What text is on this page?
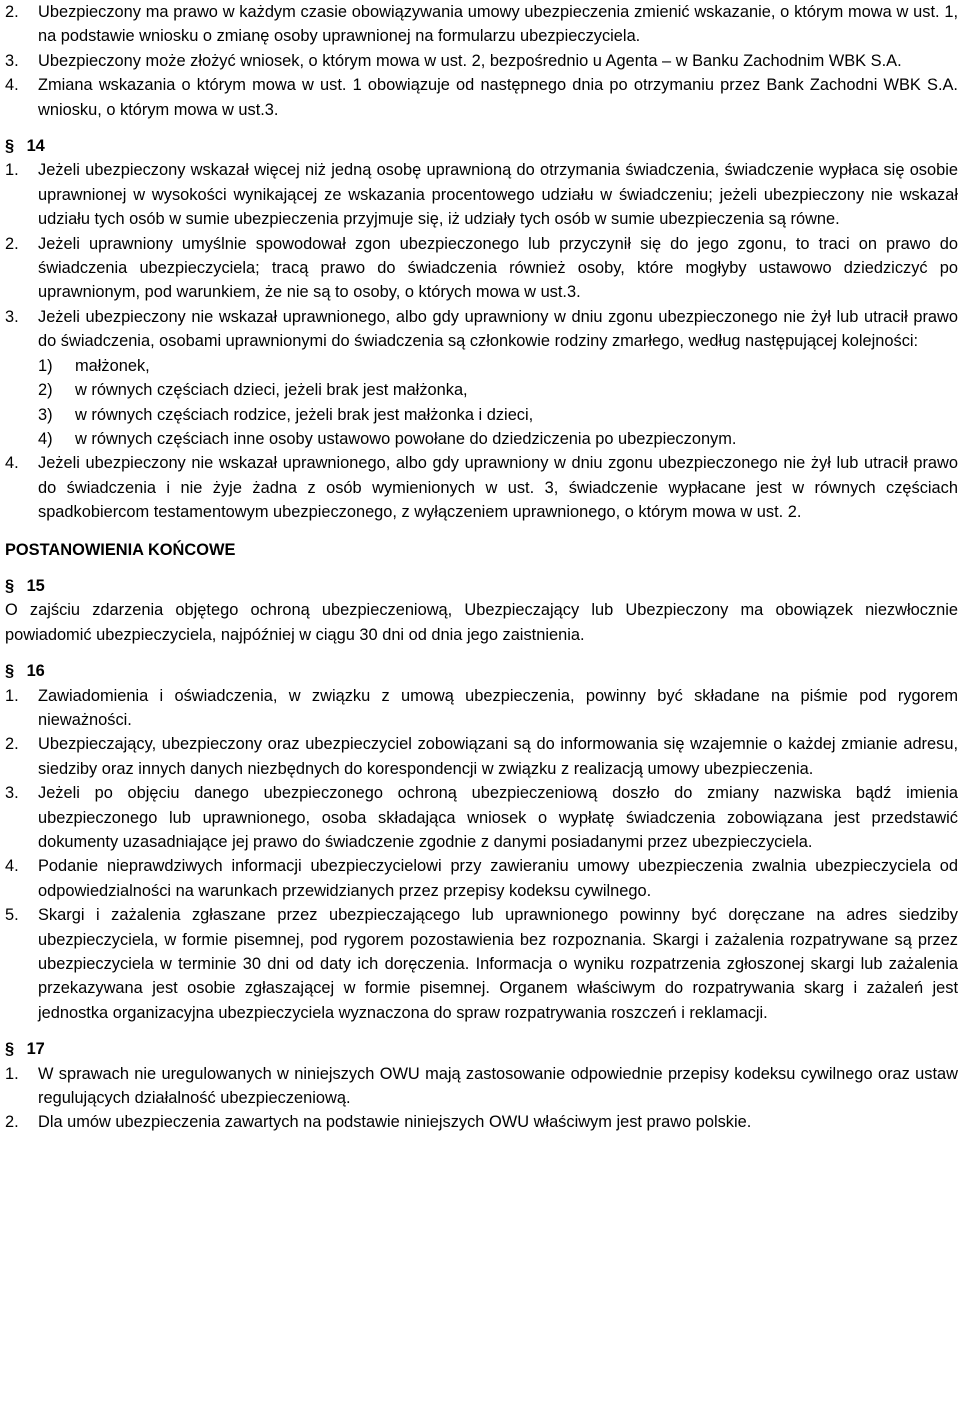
2.	Ubezpieczony ma prawo w każdym czasie obowiązywania umowy ubezpieczenia zmienić wskazanie, o którym mowa w ust. 1, na podstawie wniosku o zmianę osoby uprawnionej na formularzu ubezpieczyciela.
3.	Ubezpieczony może złożyć wniosek, o którym mowa w ust. 2, bezpośrednio u Agenta – w Banku Zachodnim WBK S.A.
4.	Zmiana wskazania o którym mowa w ust. 1 obowiązuje od następnego dnia po otrzymaniu przez Bank Zachodni WBK S.A. wniosku, o którym mowa w ust.3.
§ 14
1.	Jeżeli ubezpieczony wskazał więcej niż jedną osobę uprawnioną do otrzymania świadczenia, świadczenie wypłaca się osobie uprawnionej w wysokości wynikającej ze wskazania procentowego udziału w świadczeniu; jeżeli ubezpieczony nie wskazał udziału tych osób w sumie ubezpieczenia przyjmuje się, iż udziały tych osób w sumie ubezpieczenia są równe.
2.	Jeżeli uprawniony umyślnie spowodował zgon ubezpieczonego lub przyczynił się do jego zgonu, to traci on prawo do świadczenia ubezpieczyciela; tracą prawo do świadczenia również osoby, które mogłyby ustawowo dziedziczyć po uprawnionym, pod warunkiem, że nie są to osoby, o których mowa w ust.3.
3.	Jeżeli ubezpieczony nie wskazał uprawnionego, albo gdy uprawniony w dniu zgonu ubezpieczonego nie żył lub utracił prawo do świadczenia, osobami uprawnionymi do świadczenia są członkowie rodziny zmarłego, według następującej kolejności:
1)	małżonek,
2)	w równych częściach dzieci, jeżeli brak jest małżonka,
3)	w równych częściach rodzice, jeżeli brak jest małżonka i dzieci,
4)	w równych częściach inne osoby ustawowo powołane do dziedziczenia po ubezpieczonym.
4.	Jeżeli ubezpieczony nie wskazał uprawnionego, albo gdy uprawniony w dniu zgonu ubezpieczonego nie żył lub utracił prawo do świadczenia i nie żyje żadna z osób wymienionych w ust. 3, świadczenie wypłacane jest w równych częściach spadkobiercom testamentowym ubezpieczonego, z wyłączeniem uprawnionego, o którym mowa w ust. 2.
POSTANOWIENIA KOŃCOWE
§ 15
O zajściu zdarzenia objętego ochroną ubezpieczeniową, Ubezpieczający lub Ubezpieczony ma obowiązek niezwłocznie powiadomić ubezpieczyciela, najpóźniej w ciągu 30 dni od dnia jego zaistnienia.
§ 16
1.	Zawiadomienia i oświadczenia, w związku z umową ubezpieczenia, powinny być składane na piśmie pod rygorem nieważności.
2.	Ubezpieczający, ubezpieczony oraz ubezpieczyciel zobowiązani są do informowania się wzajemnie o każdej zmianie adresu, siedziby oraz innych danych niezbędnych do korespondencji w związku z realizacją umowy ubezpieczenia.
3.	Jeżeli po objęciu danego ubezpieczonego ochroną ubezpieczeniową doszło do zmiany nazwiska bądź imienia ubezpieczonego lub uprawnionego, osoba składająca wniosek o wypłatę świadczenia zobowiązana jest przedstawić dokumenty uzasadniające jej prawo do świadczenie zgodnie z danymi posiadanymi przez ubezpieczyciela.
4.	Podanie nieprawdziwych informacji ubezpieczycielowi przy zawieraniu umowy ubezpieczenia zwalnia ubezpieczyciela od odpowiedzialności na warunkach przewidzianych przez przepisy kodeksu cywilnego.
5.	Skargi i zażalenia zgłaszane przez ubezpieczającego lub uprawnionego powinny być doręczane na adres siedziby ubezpieczyciela, w formie pisemnej, pod rygorem pozostawienia bez rozpoznania. Skargi i zażalenia rozpatrywane są przez ubezpieczyciela w terminie 30 dni od daty ich doręczenia. Informacja o wyniku rozpatrzenia zgłoszonej skargi lub zażalenia przekazywana jest osobie zgłaszającej w formie pisemnej. Organem właściwym do rozpatrywania skarg i zażaleń jest jednostka organizacyjna ubezpieczyciela wyznaczona do spraw rozpatrywania roszczeń i reklamacji.
§ 17
1.	W sprawach nie uregulowanych w niniejszych OWU mają zastosowanie odpowiednie przepisy kodeksu cywilnego oraz ustaw regulujących działalność ubezpieczeniową.
2.	Dla umów ubezpieczenia zawartych na podstawie niniejszych OWU właściwym jest prawo polskie.
